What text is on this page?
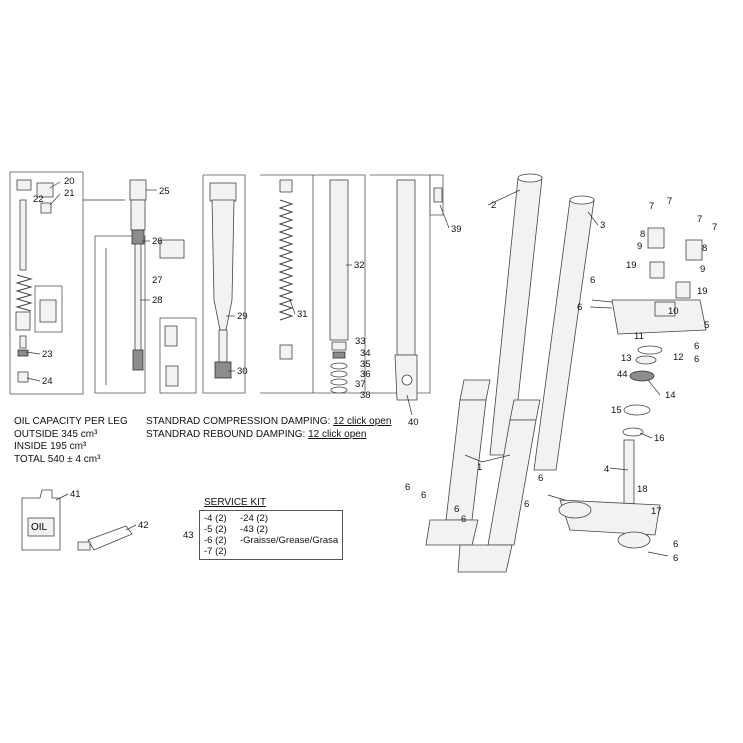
1
2
3
4
5
6
6
6
6
6
6
6
6
6
6
6
6
7 7
7
7
8
8
9
9
10
11
12
13
14
15
16
17
18
19
19
20
21
22
23
24
25
26
27
28
29
30
31
32
33
34
35
36
37
38
39
40
41
42
43
44
OIL
OIL CAPACITY PER LEG
OUTSIDE 345 cm³
INSIDE 195 cm³
TOTAL 540 ± 4 cm³
STANDRAD COMPRESSION DAMPING: 12 click open
STANDRAD REBOUND DAMPING: 12 click open
SERVICE KIT
-4 (2)
-5 (2)
-6 (2)
-7 (2)
-24 (2)
-43 (2)
-Graisse/Grease/Grasa
